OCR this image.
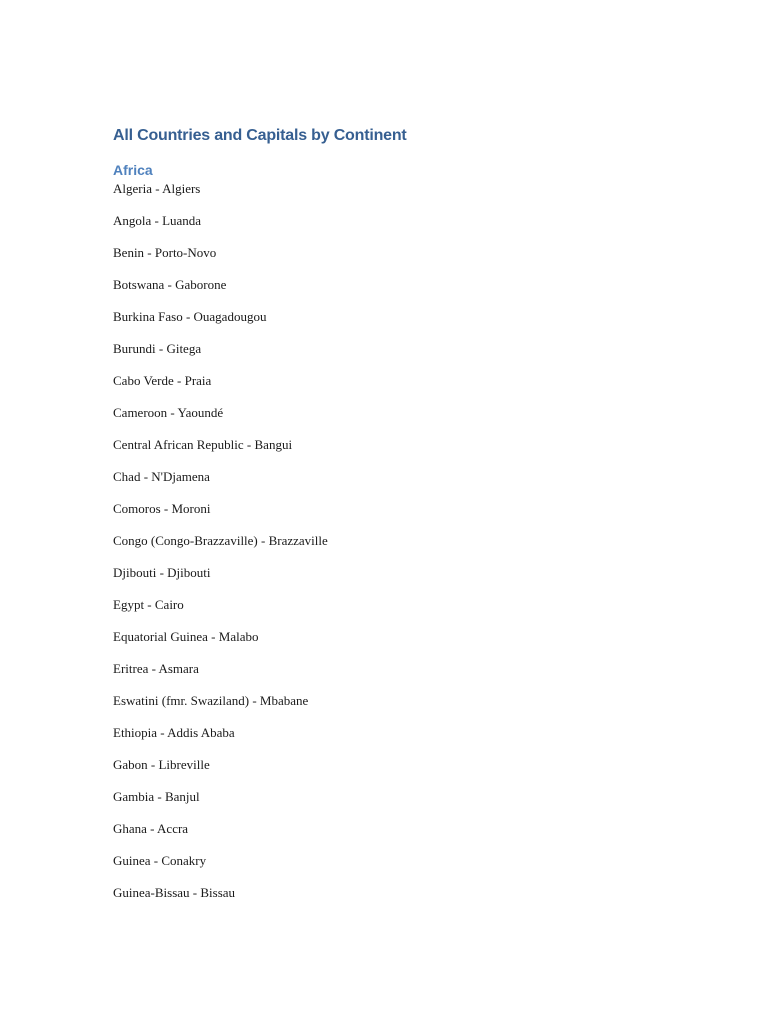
All Countries and Capitals by Continent
Africa
Algeria - Algiers
Angola - Luanda
Benin - Porto-Novo
Botswana - Gaborone
Burkina Faso - Ouagadougou
Burundi - Gitega
Cabo Verde - Praia
Cameroon - Yaoundé
Central African Republic - Bangui
Chad - N'Djamena
Comoros - Moroni
Congo (Congo-Brazzaville) - Brazzaville
Djibouti - Djibouti
Egypt - Cairo
Equatorial Guinea - Malabo
Eritrea - Asmara
Eswatini (fmr. Swaziland) - Mbabane
Ethiopia - Addis Ababa
Gabon - Libreville
Gambia - Banjul
Ghana - Accra
Guinea - Conakry
Guinea-Bissau - Bissau
